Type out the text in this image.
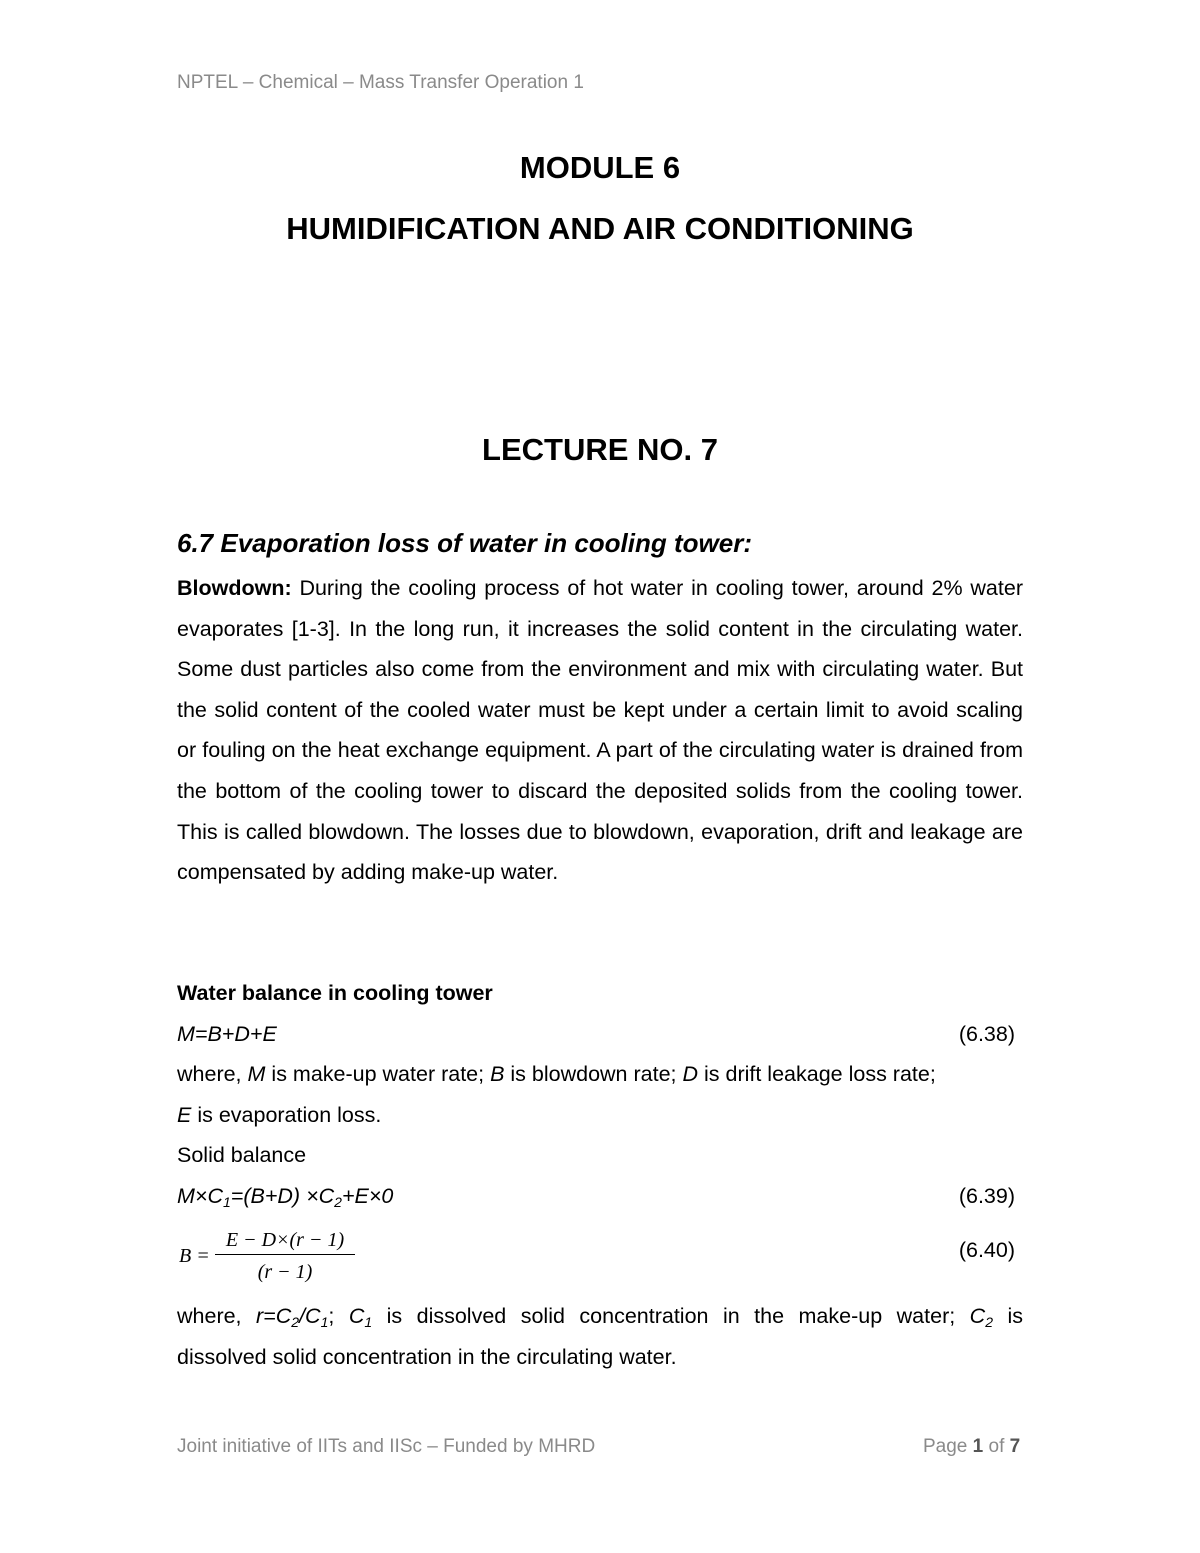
NPTEL – Chemical – Mass Transfer Operation 1
MODULE 6
HUMIDIFICATION AND AIR CONDITIONING
LECTURE NO. 7
6.7 Evaporation loss of water in cooling tower:

Blowdown: During the cooling process of hot water in cooling tower, around 2% water evaporates [1-3]. In the long run, it increases the solid content in the circulating water. Some dust particles also come from the environment and mix with circulating water. But the solid content of the cooled water must be kept under a certain limit to avoid scaling or fouling on the heat exchange equipment. A part of the circulating water is drained from the bottom of the cooling tower to discard the deposited solids from the cooling tower. This is called blowdown. The losses due to blowdown, evaporation, drift and leakage are compensated by adding make-up water.

Water balance in cooling tower
M=B+D+E	(6.38)
where, M is make-up water rate; B is blowdown rate; D is drift leakage loss rate;
E is evaporation loss.
Solid balance
$M\times C_1=(B+D) \times C_2+E\times 0$	(6.39)
$B = \frac{E - D\times(r - 1)}{(r - 1)}$	(6.40)

where, $r=C_2/C_1$; $C_1$ is dissolved solid concentration in the make-up water; $C_2$ is

dissolved solid concentration in the circulating water.

Joint initiative of IITs and IISc – Funded by MHRD	Page 1 of 7
